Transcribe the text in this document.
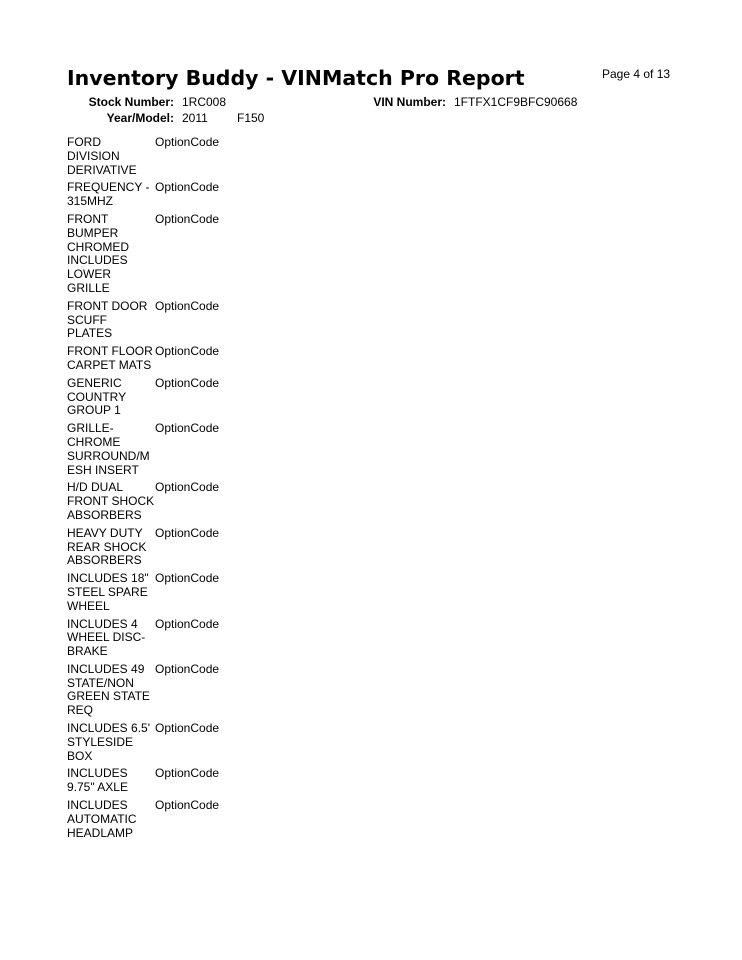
Inventory Buddy - VINMatch Pro Report	Page 4 of 13
Stock Number: 1RC008	VIN Number: 1FTFX1CF9BFC90668
Year/Model: 2011 F150
FORD DIVISION DERIVATIVE
OptionCode
FREQUENCY - 315MHZ
OptionCode
FRONT BUMPER CHROMED INCLUDES LOWER GRILLE
OptionCode
FRONT DOOR SCUFF PLATES
OptionCode
FRONT FLOOR CARPET MATS
OptionCode
GENERIC COUNTRY GROUP 1
OptionCode
GRILLE- CHROME SURROUND/MESH INSERT
OptionCode
H/D DUAL FRONT SHOCK ABSORBERS
OptionCode
HEAVY DUTY REAR SHOCK ABSORBERS
OptionCode
INCLUDES 18" STEEL SPARE WHEEL
OptionCode
INCLUDES 4 WHEEL DISC- BRAKE
OptionCode
INCLUDES 49 STATE/NON GREEN STATE REQ
OptionCode
INCLUDES 6.5' STYLESIDE BOX
OptionCode
INCLUDES 9.75" AXLE
OptionCode
INCLUDES AUTOMATIC HEADLAMP
OptionCode
